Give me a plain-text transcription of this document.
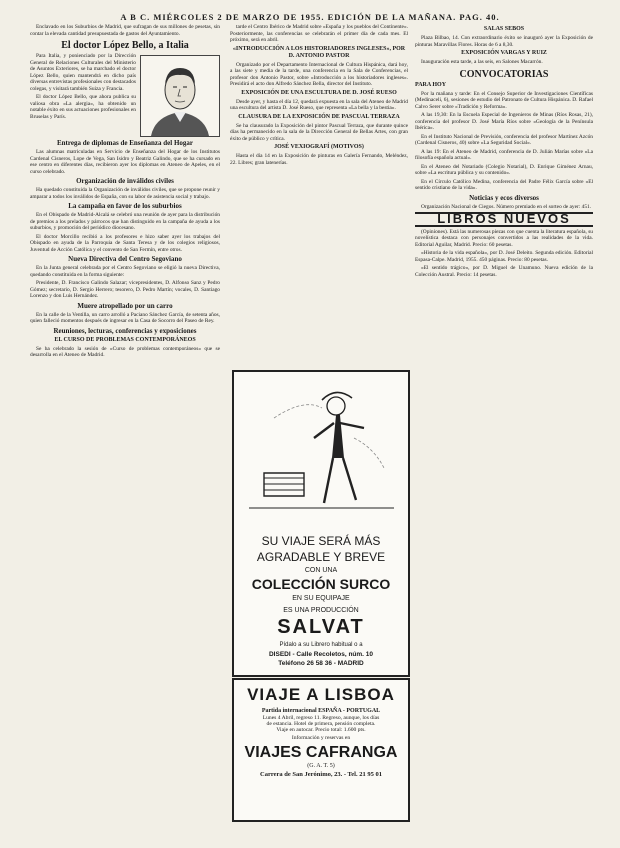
A B C. MIÉRCOLES 2 DE MARZO DE 1955. EDICIÓN DE LA MAÑANA. PAG. 40.

Enclavado en los Suburbios de Madrid, que sufragan de sus millones de pesetas, sin contar la elevada cantidad presupuestada de gastos del Ayuntamiento.

El doctor López Bello, a Italia

Para Italia, y ponienciado por la Dirección General de Relaciones Culturales del Ministerio de Asuntos Exteriores, se ha marchado el doctor López Bello, quien mantendrá en dicho país diversas entrevistas profesionales con destacados colegas, y visitará también Suiza y Francia.

El doctor López Bello, que ahora publica su valiosa obra «La alergia», ha obtenido un notable éxito en sus actuaciones profesionales en Bruselas y París.

Entrega de diplomas de Enseñanza del Hogar

Las alumnas matriculadas en Servicio de Enseñanza del Hogar de los Institutos Cardenal Cisneros, Lope de Vega, San Isidro y Beatriz Galindo, que se ha cursado en ese centro en diferentes días, recibieron ayer los diplomas en Ateneo de Apeles, en el curso celebrado.

Organización de inválidos civiles

Ha quedado constituida la Organización de inválidos civiles, que se propone reunir y amparar a todos los inválidos de España, con su labor de asistencia social y trabajo.

La campaña en favor de los suburbios

En el Obispado de Madrid-Alcalá se celebró una reunión de ayer para la distribución de premios a los prelados y párrocos que han distinguido en la campaña de ayuda a los suburbios, y promoción del periódico diocesano.

El doctor Morcillo recibió a los profesores e hizo saber ayer los trabajos del Obispado en ayuda de la Parroquia de Santa Teresa y de los colegios religiosos, Juventud de Acción Católica y el convento de San Fermín, entre otros.

Nueva Directiva del Centro Segoviano

En la Junta general celebrada por el Centro Segoviano se eligió la nueva Directiva, quedando constituida en la forma siguiente:

Presidente, D. Francisco Galindo Salazar; vicepresidentes, D. Alfonso Sanz y Pedro Gómez; secretario, D. Sergio Herrero; tesorero, D. Pedro Martín; vocales, D. Santiago Lorenzo y don Luis Hernández.

Muere atropellado por un carro

En la calle de la Ventilla, un carro arrolló a Paciano Sánchez García, de setenta años, quien falleció momentos después de ingresar en la Casa de Socorro del Paseo de Rey.

Reuniones, lecturas, conferencias y exposiciones
EL CURSO DE PROBLEMAS CONTEMPORÁNEOS

Se ha celebrado la sesión de «Curso de problemas contemporáneos» que se desarrolla en el Ateneo de Madrid.

tarde el Centro Ibérico de Madrid sobre «España y los pueblos del Continente». Posteriormente, las conferencias se celebrarán el primer día de cada mes. El próximo, será en abril.

«INTRODUCCIÓN A LOS HISTORIADORES INGLESES», POR D. ANTONIO PASTOR

Organizado por el Departamento Internacional de Cultura Hispánica, dará hoy, a las siete y media de la tarde, una conferencia en la Sala de Conferencias, el profesor don Antonio Pastor, sobre «Introducción a los historiadores ingleses». Presidirá el acto don Alfredo Sánchez Bella, director del Instituto.

EXPOSICIÓN DE UNA ESCULTURA DE D. JOSÉ RUESO

Desde ayer, y hasta el día 12, quedará expuesta en la sala del Ateneo de Madrid una escultura del artista D. José Rueso, que representa «La bella y la bestia».

CLAUSURA DE LA EXPOSICIÓN DE PASCUAL TERRAZA

Se ha clausurado la Exposición del pintor Pascual Terraza, que durante quince días ha permanecido en la sala de la Dirección General de Bellas Artes, con gran éxito de público y crítica.

JOSÉ VEXIOGRAFÍ (MOTIVOS)

Hasta el día 14 en la Exposición de pinturas en Galería Fernando, Meléndez, 22. Libres; gran latenerías.

SU VIAJE SERÁ MÁS
AGRADABLE Y BREVE
CON UNA
COLECCIÓN SURCO
EN SU EQUIPAJE
ES UNA PRODUCCIÓN
SALVAT
Pídalo a su Librero habitual o a
DISEDI - Calle Recoletos, núm. 10
Teléfono 26 58 36 - MADRID
VIAJE A LISBOA
Partida internacional ESPAÑA - PORTUGAL
Lunes 4 Abril, regreso 11. Regreso, aunque, los días
de estancia. Hotel de primera, pensión completa.
Viaje en autocar. Precio total: 1.600 pts.
Información y reservas en
VIAJES CAFRANGA
(G. A. T. 5)
Carrera de San Jerónimo, 23. - Tel. 21 95 01
SALAS SEBOS

Plaza Bilbao, 14. Con extraordinario éxito se inauguró ayer la Exposición de pinturas Maravillas Flores. Horas de 6 a 8,30.

EXPOSICIÓN VARGAS Y RUIZ

Inauguración esta tarde, a las seis, en Salones Macarrón.

CONVOCATORIAS
PARA HOY

Por la mañana y tarde: En el Consejo Superior de Investigaciones Científicas (Medinaceli, 6), sesiones de estudio del Patronato de Cultura Hispánica. D. Rafael Calvo Serer sobre «Tradición y Reforma».

A las 19,30: En la Escuela Especial de Ingenieros de Minas (Ríos Rosas, 21), conferencia del profesor D. José María Ríos sobre «Geología de la Península Ibérica».

En el Instituto Nacional de Previsión, conferencia del profesor Martínez Azcón (Cardenal Cisneros, 40) sobre «La Seguridad Social».

A las 19: En el Ateneo de Madrid, conferencia de D. Julián Marías sobre «La filosofía española actual».

En el Ateneo del Notariado (Colegio Notarial), D. Enrique Giménez Arnau, sobre «La escritura pública y su contenido».

En el Círculo Católico Medina, conferencia del Padre Félix García sobre «El sentido cristiano de la vida».

Noticias y ecos diversos

Organización Nacional de Ciegos. Número premiado en el sorteo de ayer: 451.

LIBROS NUEVOS

(Opiniones). Está las numerosas piezas con que cuenta la literatura española, su novelística destaca con personajes convertidos a las realidades de la vida. Editorial Aguilar, Madrid. Precio: 60 pesetas.

«Historia de la vida española», por D. José Deleito. Segunda edición. Editorial Espasa-Calpe. Madrid, 1955. 450 páginas. Precio: 80 pesetas.

«El sentido trágico», por D. Miguel de Unamuno. Nueva edición de la Colección Austral. Precio: 14 pesetas.
